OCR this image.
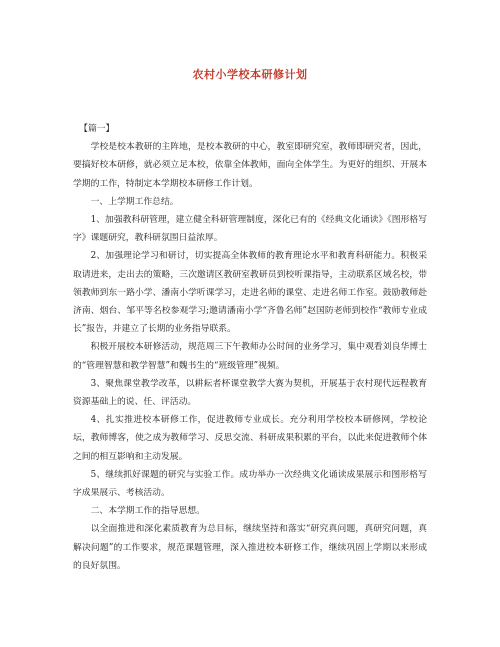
农村小学校本研修计划

【篇一】

学校是校本教研的主阵地，是校本教研的中心，教室即研究室，教师即研究者，因此，要搞好校本研修，就必须立足本校，依靠全体教师，面向全体学生。为更好的组织、开展本学期的工作，特制定本学期校本研修工作计划。

一、上学期工作总结。

1、加强教科研管理，建立健全科研管理制度，深化已有的《经典文化诵读》《图形格写字》课题研究，教科研氛围日益浓厚。

2、加强理论学习和研讨，切实提高全体教师的教育理论水平和教育科研能力。积极采取请进来，走出去的策略，三次邀请区教研室教研员到校听课指导，主动联系区域名校，带领教师到东一路小学、潘南小学听课学习，走进名师的课堂、走进名师工作室。鼓励教师赴济南、烟台、邹平等名校参观学习;邀请潘南小学“齐鲁名师”赵国防老师到校作“教师专业成长”报告，并建立了长期的业务指导联系。

积极开展校本研修活动，规范周三下午教师办公时间的业务学习，集中观看刘良华博士的“管理智慧和教学智慧”和魏书生的“班级管理”视频。

3、聚焦课堂教学改革，以耕耘者杯课堂教学大赛为契机，开展基于农村现代远程教育资源基础上的说、任、评活动。

4、扎实推进校本研修工作，促进教师专业成长。充分利用学校校本研修网，学校论坛，教师博客，使之成为教师学习、反思交流、科研成果积累的平台，以此来促进教师个体之间的相互影响和主动发展。

5、继续抓好课题的研究与实验工作。成功举办一次经典文化诵读成果展示和图形格写字成果展示、考核活动。

二、本学期工作的指导思想。

以全面推进和深化素质教育为总目标，继续坚持和落实“研究真问题，真研究问题，真解决问题”的工作要求，规范课题管理，深入推进校本研修工作，继续巩固上学期以来形成的良好氛围。
